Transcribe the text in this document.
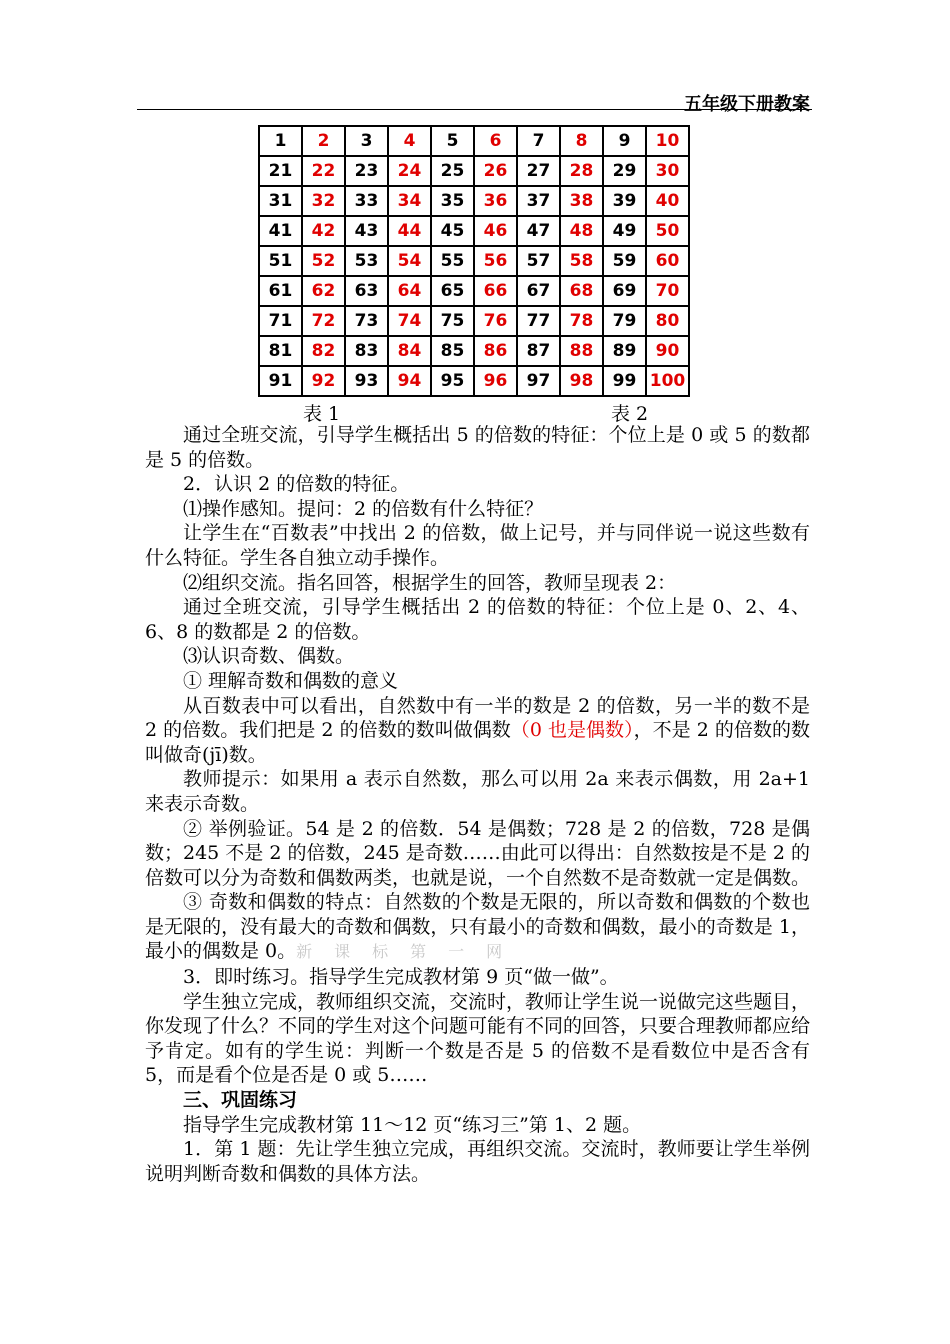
五年级下册教案
1	2	3	4	5	6	7	8	9	10
21	22	23	24	25	26	27	28	29	30
31	32	33	34	35	36	37	38	39	40
41	42	43	44	45	46	47	48	49	50
51	52	53	54	55	56	57	58	59	60
61	62	63	64	65	66	67	68	69	70
71	72	73	74	75	76	77	78	79	80
81	82	83	84	85	86	87	88	89	90
91	92	93	94	95	96	97	98	99	100
表 1	表 2

通过全班交流，引导学生概括出 5 的倍数的特征：个位上是 0 或 5 的数都是 5 的倍数。

2．认识 2 的倍数的特征。

⑴操作感知。提问：2 的倍数有什么特征？

让学生在“百数表”中找出 2 的倍数，做上记号，并与同伴说一说这些数有什么特征。学生各自独立动手操作。

⑵组织交流。指名回答，根据学生的回答，教师呈现表 2：

通过全班交流，引导学生概括出 2 的倍数的特征：个位上是 0、2、4、6、8 的数都是 2 的倍数。

⑶认识奇数、偶数。

① 理解奇数和偶数的意义

从百数表中可以看出，自然数中有一半的数是 2 的倍数，另一半的数不是 2 的倍数。我们把是 2 的倍数的数叫做偶数（0 也是偶数），不是 2 的倍数的数叫做奇(jī)数。

教师提示：如果用 a 表示自然数，那么可以用 2a 来表示偶数，用 2a+1 来表示奇数。

② 举例验证。54 是 2 的倍数．54 是偶数；728 是 2 的倍数，728 是偶数；245 不是 2 的倍数，245 是奇数……由此可以得出：自然数按是不是 2 的倍数可以分为奇数和偶数两类，也就是说，一个自然数不是奇数就一定是偶数。

③ 奇数和偶数的特点：自然数的个数是无限的，所以奇数和偶数的个数也是无限的，没有最大的奇数和偶数，只有最小的奇数和偶数，最小的奇数是 1，最小的偶数是 0。新课标第一网

3．即时练习。指导学生完成教材第 9 页“做一做”。

学生独立完成，教师组织交流，交流时，教师让学生说一说做完这些题目，你发现了什么？不同的学生对这个问题可能有不同的回答，只要合理教师都应给予肯定。如有的学生说：判断一个数是否是 5 的倍数不是看数位中是否含有 5，而是看个位是否是 0 或 5……

三、巩固练习

指导学生完成教材第 11～12 页“练习三”第 1、2 题。

1．第 1 题：先让学生独立完成，再组织交流。交流时，教师要让学生举例说明判断奇数和偶数的具体方法。
